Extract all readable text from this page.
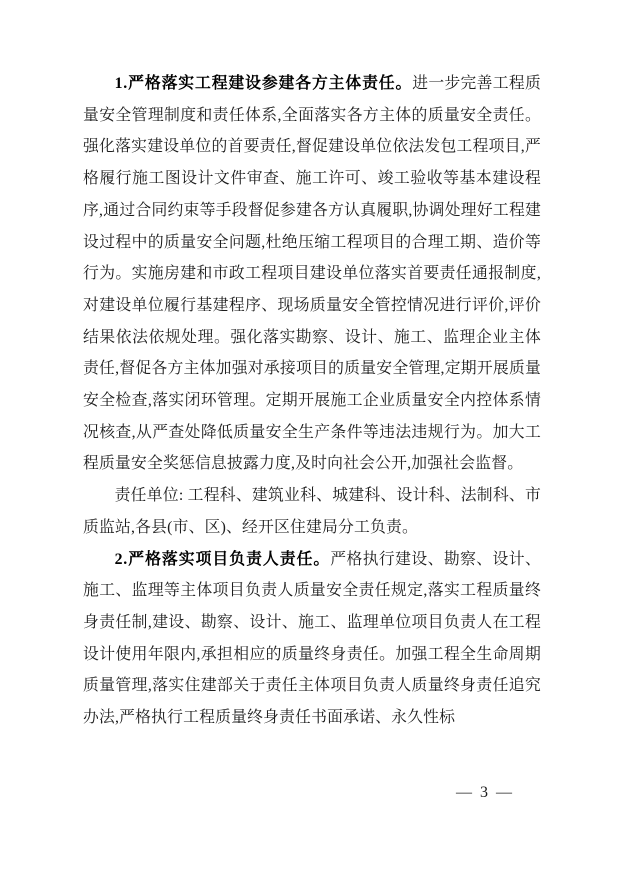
1.严格落实工程建设参建各方主体责任。进一步完善工程质量安全管理制度和责任体系,全面落实各方主体的质量安全责任。强化落实建设单位的首要责任,督促建设单位依法发包工程项目,严格履行施工图设计文件审查、施工许可、竣工验收等基本建设程序,通过合同约束等手段督促参建各方认真履职,协调处理好工程建设过程中的质量安全问题,杜绝压缩工程项目的合理工期、造价等行为。实施房建和市政工程项目建设单位落实首要责任通报制度,对建设单位履行基建程序、现场质量安全管控情况进行评价,评价结果依法依规处理。强化落实勘察、设计、施工、监理企业主体责任,督促各方主体加强对承接项目的质量安全管理,定期开展质量安全检查,落实闭环管理。定期开展施工企业质量安全内控体系情况核查,从严查处降低质量安全生产条件等违法违规行为。加大工程质量安全奖惩信息披露力度,及时向社会公开,加强社会监督。

责任单位: 工程科、建筑业科、城建科、设计科、法制科、市质监站,各县(市、区)、经开区住建局分工负责。

2.严格落实项目负责人责任。严格执行建设、勘察、设计、施工、监理等主体项目负责人质量安全责任规定,落实工程质量终身责任制,建设、勘察、设计、施工、监理单位项目负责人在工程设计使用年限内,承担相应的质量终身责任。加强工程全生命周期质量管理,落实住建部关于责任主体项目负责人质量终身责任追究办法,严格执行工程质量终身责任书面承诺、永久性标

— 3 —
